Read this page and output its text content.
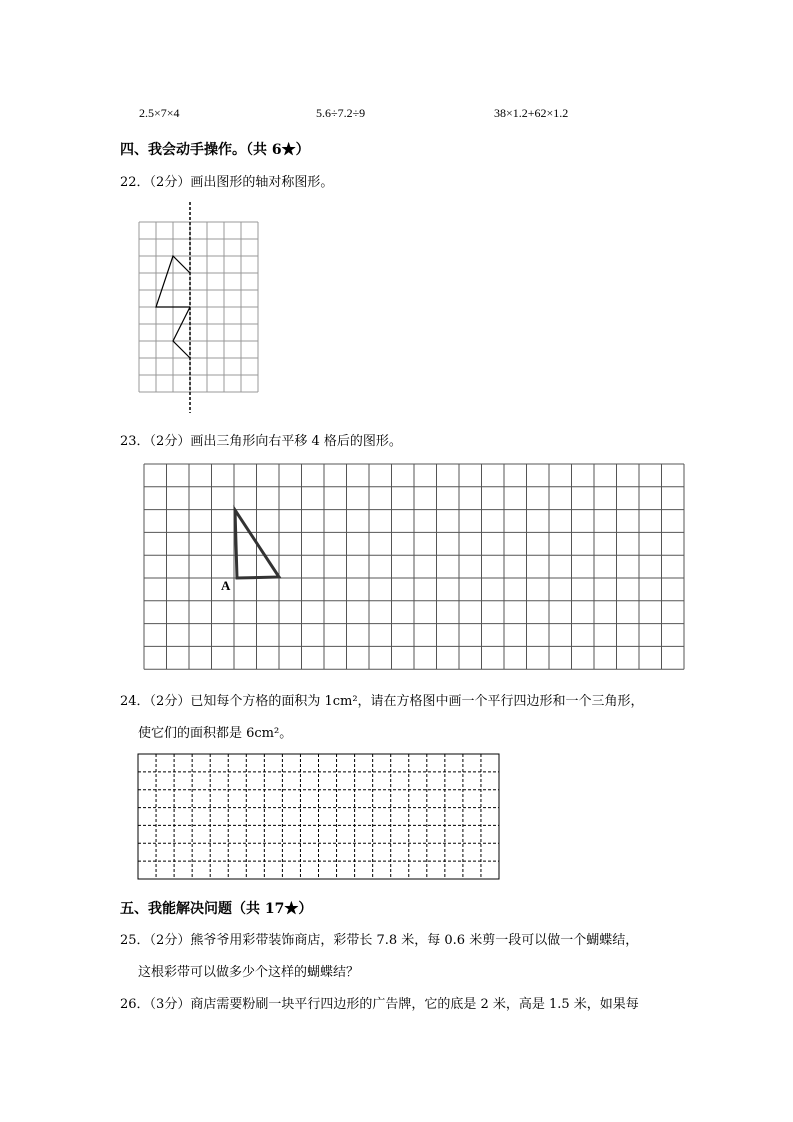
2.5×7×4	5.6÷7.2÷9	38×1.2+62×1.2
四、我会动手操作。（共 6★）
22．（2分）画出图形的轴对称图形。
23．（2分）画出三角形向右平移 4 格后的图形。
A
24．（2分）已知每个方格的面积为 1cm²，请在方格图中画一个平行四边形和一个三角形，
使它们的面积都是 6cm²。
五、我能解决问题（共 17★）
25．（2分）熊爷爷用彩带装饰商店，彩带长 7.8 米，每 0.6 米剪一段可以做一个蝴蝶结，
这根彩带可以做多少个这样的蝴蝶结？
26．（3分）商店需要粉刷一块平行四边形的广告牌，它的底是 2 米，高是 1.5 米，如果每
